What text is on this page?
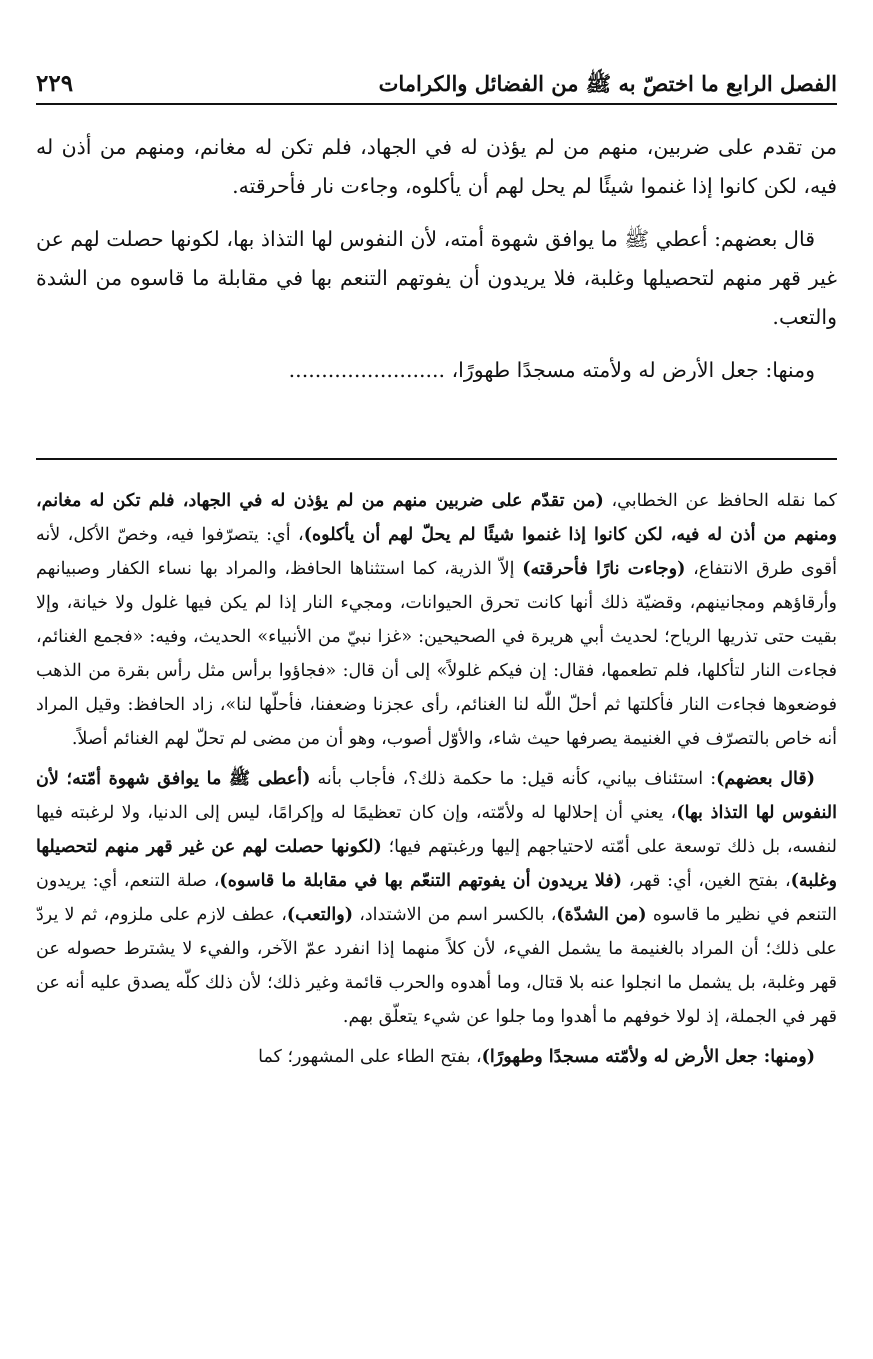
الفصل الرابع ما اختصّ به ﷺ من الفضائل والكرامات
٢٢٩

من تقدم على ضربين، منهم من لم يؤذن له في الجهاد، فلم تكن له مغانم، ومنهم من أذن له فيه، لكن كانوا إذا غنموا شيئًا لم يحل لهم أن يأكلوه، وجاءت نار فأحرقته.

قال بعضهم: أعطي ﷺ ما يوافق شهوة أمته، لأن النفوس لها التذاذ بها، لكونها حصلت لهم عن غير قهر منهم لتحصيلها وغلبة، فلا يريدون أن يفوتهم التنعم بها في مقابلة ما قاسوه من الشدة والتعب.

ومنها: جعل الأرض له ولأمته مسجدًا طهورًا، ........................

كما نقله الحافظ عن الخطابي، (من تقدّم على ضربين منهم من لم يؤذن له في الجهاد، فلم تكن له مغانم، ومنهم من أذن له فيه، لكن كانوا إذا غنموا شيئًا لم يحلّ لهم أن يأكلوه)، أي: يتصرّفوا فيه، وخصّ الأكل، لأنه أقوى طرق الانتفاع، (وجاءت نارًا فأحرقته) إلاّ الذرية، كما استثناها الحافظ، والمراد بها نساء الكفار وصبيانهم وأرقاؤهم ومجانينهم، وقضيّة ذلك أنها كانت تحرق الحيوانات، ومجيء النار إذا لم يكن فيها غلول ولا خيانة، وإلا بقيت حتى تذريها الرياح؛ لحديث أبي هريرة في الصحيحين: «غزا نبيّ من الأنبياء» الحديث، وفيه: «فجمع الغنائم، فجاءت النار لتأكلها، فلم تطعمها، فقال: إن فيكم غلولاً» إلى أن قال: «فجاؤوا برأس مثل رأس بقرة من الذهب فوضعوها فجاءت النار فأكلتها ثم أحلّ اللّٰه لنا الغنائم، رأى عجزنا وضعفنا، فأحلّها لنا»، زاد الحافظ: وقيل المراد أنه خاص بالتصرّف في الغنيمة يصرفها حيث شاء، والأوّل أصوب، وهو أن من مضى لم تحلّ لهم الغنائم أصلاً.

(قال بعضهم): استئناف بياني، كأنه قيل: ما حكمة ذلك؟، فأجاب بأنه (أعطى ﷺ ما يوافق شهوة أمّته؛ لأن النفوس لها التذاذ بها)، يعني أن إحلالها له ولأمّته، وإن كان تعظيمًا له وإكرامًا، ليس إلى الدنيا، ولا لرغبته فيها لنفسه، بل ذلك توسعة على أمّته لاحتياجهم إليها ورغبتهم فيها؛ (لكونها حصلت لهم عن غير قهر منهم لتحصيلها وغلبة)، بفتح الغين، أي: قهر، (فلا يريدون أن يفوتهم التنعّم بها في مقابلة ما قاسوه)، صلة التنعم، أي: يريدون التنعم في نظير ما قاسوه (من الشدّة)، بالكسر اسم من الاشتداد، (والتعب)، عطف لازم على ملزوم، ثم لا يردّ على ذلك؛ أن المراد بالغنيمة ما يشمل الفيء، لأن كلاً منهما إذا انفرد عمّ الآخر، والفيء لا يشترط حصوله عن قهر وغلبة، بل يشمل ما انجلوا عنه بلا قتال، وما أهدوه والحرب قائمة وغير ذلك؛ لأن ذلك كلّه يصدق عليه أنه عن قهر في الجملة، إذ لولا خوفهم ما أهدوا وما جلوا عن شيء يتعلّق بهم.

(ومنها: جعل الأرض له ولأمّته مسجدًا وطهورًا)، بفتح الطاء على المشهور؛ كما
